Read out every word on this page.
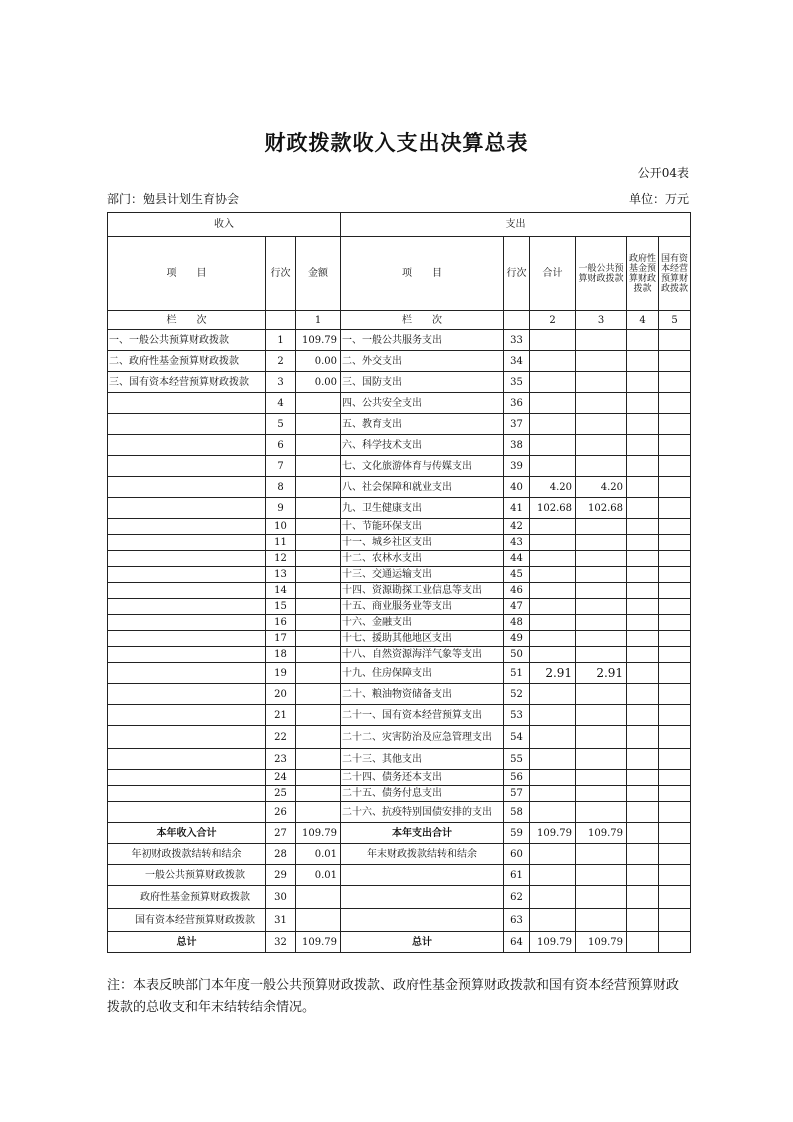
财政拨款收入支出决算总表
公开04表
部门：勉县计划生育协会	单位：万元
收入			支出					
项　　目	行次	金额	项　　目	行次	合计	一般公共预算财政拨款	政府性基金预算财政拨款	国有资本经营预算财政拨款
栏　　次		1	栏　　次		2	3	4	5
一、一般公共预算财政拨款	1	109.79	一、一般公共服务支出	33				
二、政府性基金预算财政拨款	2	0.00	二、外交支出	34				
三、国有资本经营预算财政拨款	3	0.00	三、国防支出	35				
	4		四、公共安全支出	36				
	5		五、教育支出	37				
	6		六、科学技术支出	38				
	7		七、文化旅游体育与传媒支出	39				
	8		八、社会保障和就业支出	40	4.20	4.20		
	9		九、卫生健康支出	41	102.68	102.68		
	10		十、节能环保支出	42				
	11		十一、城乡社区支出	43				
	12		十二、农林水支出	44				
	13		十三、交通运输支出	45				
	14		十四、资源勘探工业信息等支出	46				
	15		十五、商业服务业等支出	47				
	16		十六、金融支出	48				
	17		十七、援助其他地区支出	49				
	18		十八、自然资源海洋气象等支出	50				
	19		十九、住房保障支出	51	2.91	2.91		
	20		二十、粮油物资储备支出	52				
	21		二十一、国有资本经营预算支出	53				
	22		二十二、灾害防治及应急管理支出	54				
	23		二十三、其他支出	55				
	24		二十四、债务还本支出	56				
	25		二十五、债务付息支出	57				
	26		二十六、抗疫特别国债安排的支出	58				
本年收入合计	27	109.79	本年支出合计	59	109.79	109.79		
年初财政拨款结转和结余	28	0.01	年末财政拨款结转和结余	60				
一般公共预算财政拨款	29	0.01		61				
政府性基金预算财政拨款	30			62				
国有资本经营预算财政拨款	31			63				
总计	32	109.79	总计	64	109.79	109.79		
注：本表反映部门本年度一般公共预算财政拨款、政府性基金预算财政拨款和国有资本经营预算财政拨款的总收支和年末结转结余情况。
